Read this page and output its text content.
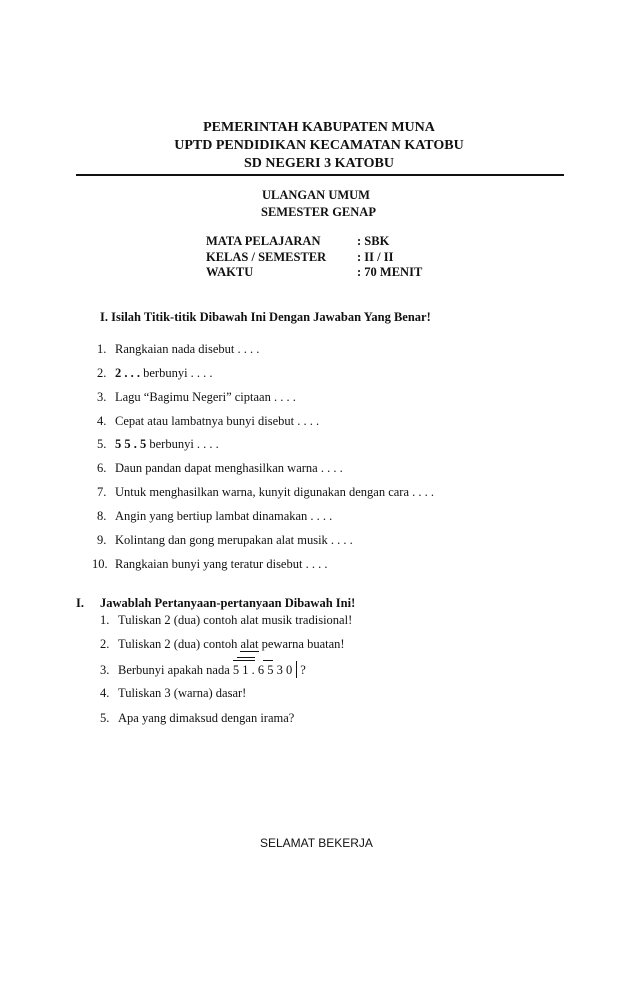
PEMERINTAH KABUPATEN MUNA
UPTD PENDIDIKAN KECAMATAN KATOBU
SD NEGERI 3 KATOBU
ULANGAN UMUM
SEMESTER GENAP
MATA PELAJARAN	: SBK
KELAS / SEMESTER : II / II
WAKTU	: 70 MENIT
I. Isilah Titik-titik Dibawah Ini Dengan Jawaban Yang Benar!
1. Rangkaian nada disebut . . . .
2. 2 . . . berbunyi . . . .
3. Lagu “Bagimu Negeri” ciptaan . . . .
4. Cepat atau lambatnya bunyi disebut . . . .
5. 5 5 . 5 berbunyi . . . .
6. Daun pandan dapat menghasilkan warna . . . .
7. Untuk menghasilkan warna, kunyit digunakan dengan cara . . . .
8. Angin yang bertiup lambat dinamakan . . . .
9. Kolintang dan gong merupakan alat musik . . . .
10. Rangkaian bunyi yang teratur disebut . . . .
I. Jawablah Pertanyaan-pertanyaan Dibawah Ini!
1. Tuliskan 2 (dua) contoh alat musik tradisional!
2. Tuliskan 2 (dua) contoh alat pewarna buatan!
3. Berbunyi apakah nada
5 1 . 6 5 3 0 ?
4. Tuliskan 3 (warna) dasar!
5. Apa yang dimaksud dengan irama?
SELAMAT BEKERJA
